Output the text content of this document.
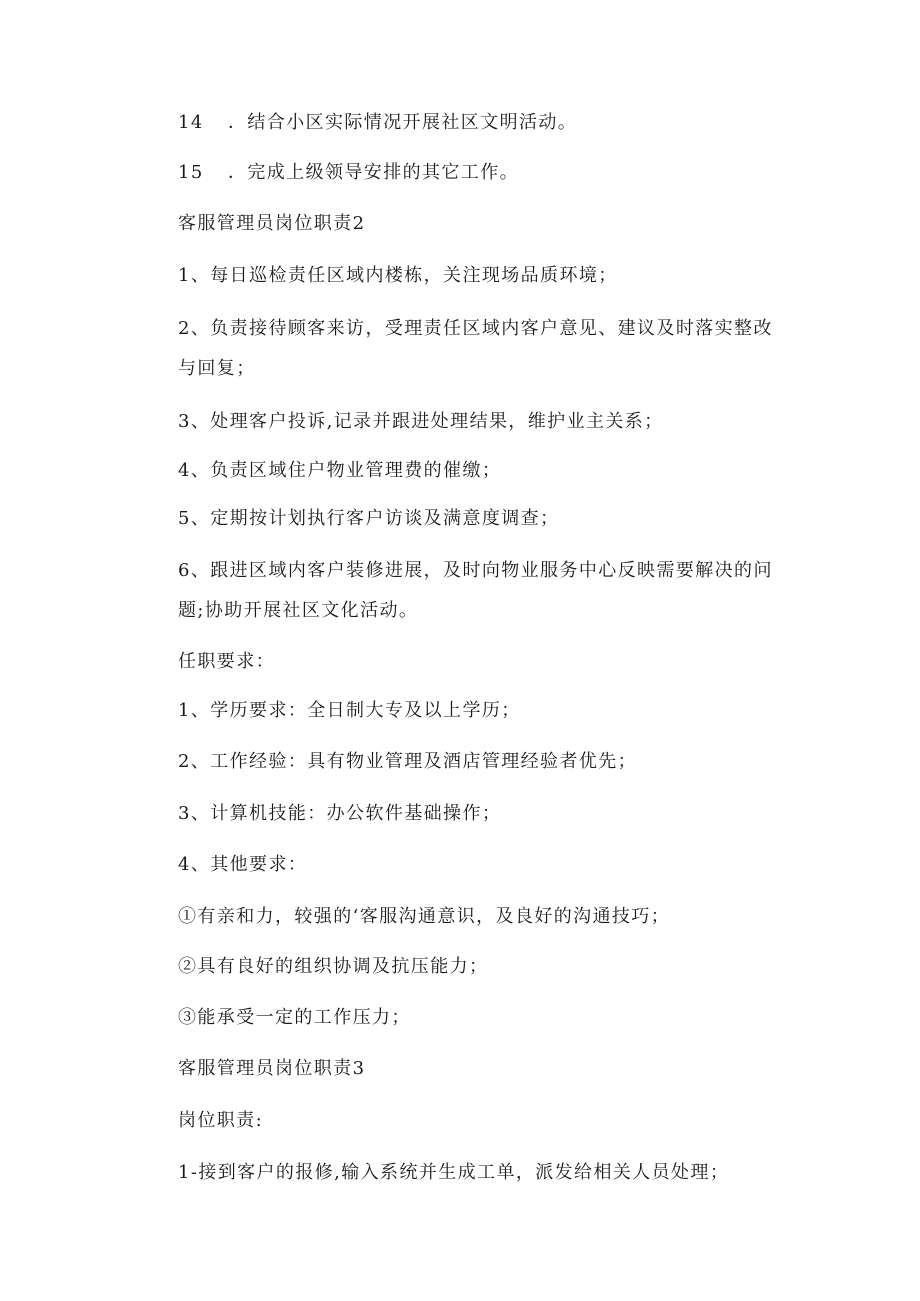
14	．结合小区实际情况开展社区文明活动。
15	．完成上级领导安排的其它工作。
客服管理员岗位职责2
1、每日巡检责任区域内楼栋，关注现场品质环境；
2、负责接待顾客来访，受理责任区域内客户意见、建议及时落实整改与回复；
3、处理客户投诉,记录并跟进处理结果，维护业主关系；
4、负责区域住户物业管理费的催缴；
5、定期按计划执行客户访谈及满意度调查；
6、跟进区域内客户装修进展，及时向物业服务中心反映需要解决的问题;协助开展社区文化活动。
任职要求：
1、学历要求：全日制大专及以上学历；
2、工作经验：具有物业管理及酒店管理经验者优先；
3、计算机技能：办公软件基础操作；
4、其他要求：
①有亲和力，较强的‘客服沟通意识，及良好的沟通技巧；
②具有良好的组织协调及抗压能力；
③能承受一定的工作压力；
客服管理员岗位职责3
岗位职责:
1-接到客户的报修,输入系统并生成工单，派发给相关人员处理；
